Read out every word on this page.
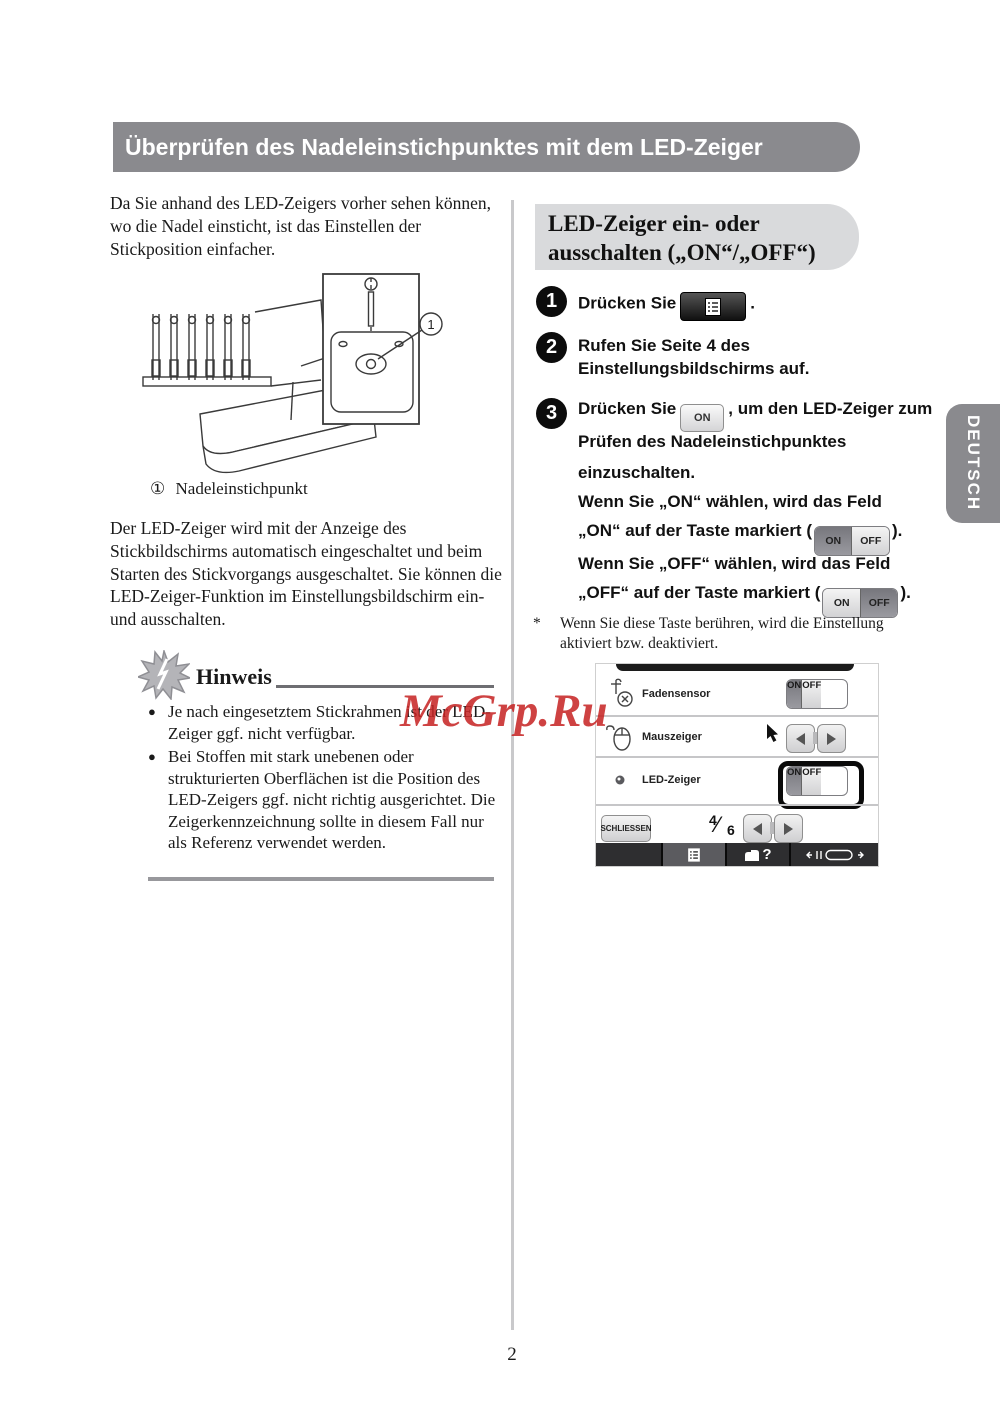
Überprüfen des Nadeleinstichpunktes mit dem LED-Zeiger
Da Sie anhand des LED-Zeigers vorher sehen können, wo die Nadel einsticht, ist das Einstellen der Stickposition einfacher.
1
① Nadeleinstichpunkt
Der LED-Zeiger wird mit der Anzeige des Stickbildschirms automatisch eingeschaltet und beim Starten des Stickvorgangs ausgeschaltet. Sie können die LED-Zeiger-Funktion im Einstellungsbildschirm ein- und ausschalten.
Hinweis
● Je nach eingesetztem Stickrahmen ist der LED-Zeiger ggf. nicht verfügbar.
● Bei Stoffen mit stark unebenen oder strukturierten Oberflächen ist die Position des LED-Zeigers ggf. nicht richtig ausgerichtet. Die Zeigerkennzeichnung sollte in diesem Fall nur als Referenz verwendet werden.
LED-Zeiger ein- oder
ausschalten („ON“/„OFF“)
1	Drücken Sie	.
2	Rufen Sie Seite 4 des Einstellungsbildschirms auf.
3	Drücken Sie ON , um den LED-Zeiger zum
Prüfen des Nadeleinstichpunktes
einzuschalten.
Wenn Sie „ON“ wählen, wird das Feld
„ON“ auf der Taste markiert (
ON	OFF
).
Wenn Sie „OFF“ wählen, wird das Feld
„OFF“ auf der Taste markiert (
ON	OFF
).
* Wenn Sie diese Taste berühren, wird die Einstellung aktiviert bzw. deaktiviert.
Fadensensor
ON OFF
Mauszeiger
LED-Zeiger
ON OFF
SCHLIESSEN
4 ⁄ 6
?
DEUTSCH
McGrp.Ru
2
